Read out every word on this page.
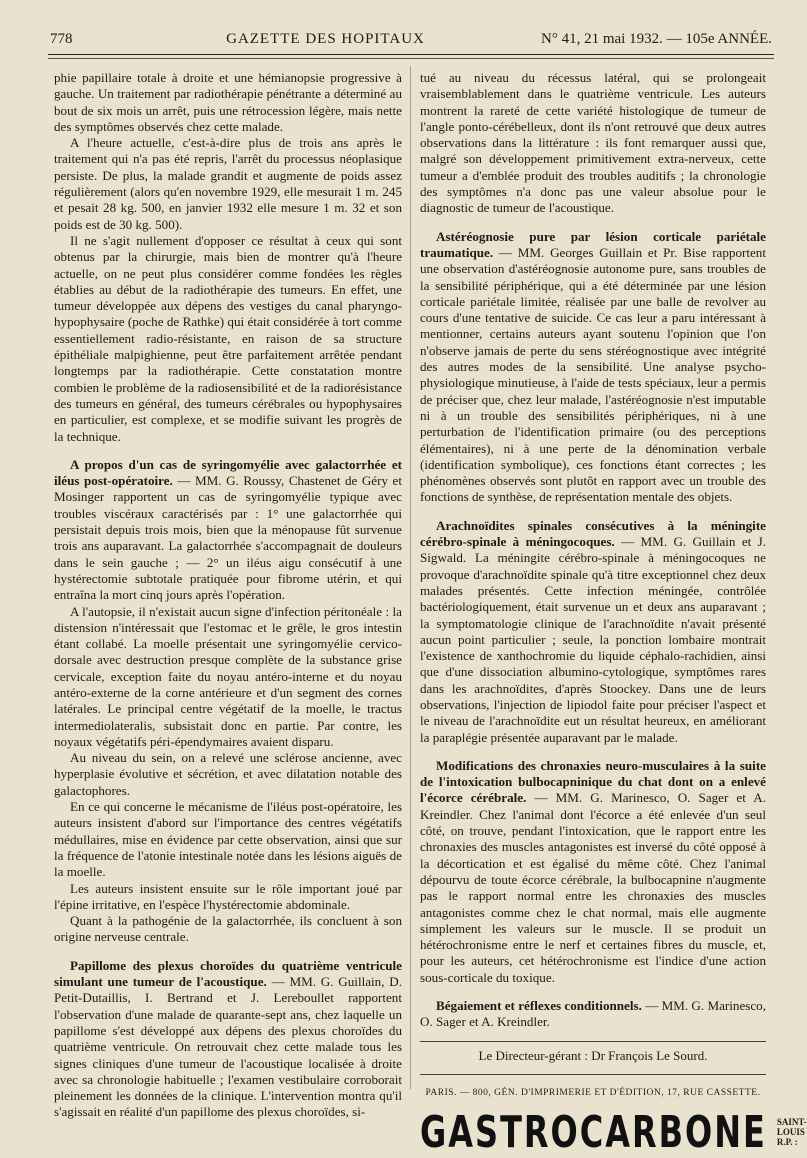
778	GAZETTE DES HOPITAUX	N° 41, 21 mai 1932. — 105e ANNÉE.

phie papillaire totale à droite et une hémianopsie progressive à gauche. Un traitement par radiothérapie pénétrante a déterminé au bout de six mois un arrêt, puis une rétrocession légère, mais nette des symptômes observés chez cette malade.

A l'heure actuelle, c'est-à-dire plus de trois ans après le traitement qui n'a pas été repris, l'arrêt du processus néoplasique persiste. De plus, la malade grandit et augmente de poids assez régulièrement (alors qu'en novembre 1929, elle mesurait 1 m. 245 et pesait 28 kg. 500, en janvier 1932 elle mesure 1 m. 32 et son poids est de 30 kg. 500).

Il ne s'agit nullement d'opposer ce résultat à ceux qui sont obtenus par la chirurgie, mais bien de montrer qu'à l'heure actuelle, on ne peut plus considérer comme fondées les règles établies au début de la radiothérapie des tumeurs. En effet, une tumeur développée aux dépens des vestiges du canal pharyngo-hypophysaire (poche de Rathke) qui était considérée à tort comme essentiellement radio-résistante, en raison de sa structure épithéliale malpighienne, peut être parfaitement arrêtée pendant longtemps par la radiothérapie. Cette constatation montre combien le problème de la radiosensibilité et de la radiorésistance des tumeurs en général, des tumeurs cérébrales ou hypophysaires en particulier, est complexe, et se modifie suivant les progrès de la technique.

A propos d'un cas de syringomyélie avec galactorrhée et iléus post-opératoire. — MM. G. Roussy, Chastenet de Géry et Mosinger rapportent un cas de syringomyélie typique avec troubles viscéraux caractérisés par : 1° une galactorrhée qui persistait depuis trois mois, bien que la ménopause fût survenue trois ans auparavant. La galactorrhée s'accompagnait de douleurs dans le sein gauche ; — 2° un iléus aigu consécutif à une hystérectomie subtotale pratiquée pour fibrome utérin, et qui entraîna la mort cinq jours après l'opération.

A l'autopsie, il n'existait aucun signe d'infection péritonéale : la distension n'intéressait que l'estomac et le grêle, le gros intestin étant collabé. La moelle présentait une syringomyélie cervico-dorsale avec destruction presque complète de la substance grise cervicale, exception faite du noyau antéro-interne et du noyau antéro-externe de la corne antérieure et d'un segment des cornes latérales. Le principal centre végétatif de la moelle, le tractus intermediolateralis, subsistait donc en partie. Par contre, les noyaux végétatifs péri-épendymaires avaient disparu.

Au niveau du sein, on a relevé une sclérose ancienne, avec hyperplasie évolutive et sécrétion, et avec dilatation notable des galactophores.

En ce qui concerne le mécanisme de l'iléus post-opératoire, les auteurs insistent d'abord sur l'importance des centres végétatifs médullaires, mise en évidence par cette observation, ainsi que sur la fréquence de l'atonie intestinale notée dans les lésions aiguës de la moelle.

Les auteurs insistent ensuite sur le rôle important joué par l'épine irritative, en l'espèce l'hystérectomie abdominale.

Quant à la pathogénie de la galactorrhée, ils concluent à son origine nerveuse centrale.

Papillome des plexus choroïdes du quatrième ventricule simulant une tumeur de l'acoustique. — MM. G. Guillain, D. Petit-Dutaillis, I. Bertrand et J. Lereboullet rapportent l'observation d'une malade de quarante-sept ans, chez laquelle un papillome s'est développé aux dépens des plexus choroïdes du quatrième ventricule. On retrouvait chez cette malade tous les signes cliniques d'une tumeur de l'acoustique localisée à droite avec sa chronologie habituelle ; l'examen vestibulaire corroborait pleinement les données de la clinique. L'intervention montra qu'il s'agissait en réalité d'un papillome des plexus choroïdes, si-

tué au niveau du récessus latéral, qui se prolongeait vraisemblablement dans le quatrième ventricule. Les auteurs montrent la rareté de cette variété histologique de tumeur de l'angle ponto-cérébelleux, dont ils n'ont retrouvé que deux autres observations dans la littérature : ils font remarquer aussi que, malgré son développement primitivement extra-nerveux, cette tumeur a d'emblée produit des troubles auditifs ; la chronologie des symptômes n'a donc pas une valeur absolue pour le diagnostic de tumeur de l'acoustique.

Astéréognosie pure par lésion corticale pariétale traumatique. — MM. Georges Guillain et Pr. Bise rapportent une observation d'astéréognosie autonome pure, sans troubles de la sensibilité périphérique, qui a été déterminée par une lésion corticale pariétale limitée, réalisée par une balle de revolver au cours d'une tentative de suicide. Ce cas leur a paru intéressant à mentionner, certains auteurs ayant soutenu l'opinion que l'on n'observe jamais de perte du sens stéréognostique avec intégrité des autres modes de la sensibilité. Une analyse psycho-physiologique minutieuse, à l'aide de tests spéciaux, leur a permis de préciser que, chez leur malade, l'astéréognosie n'est imputable ni à un trouble des sensibilités périphériques, ni à une perturbation de l'identification primaire (ou des perceptions élémentaires), ni à une perte de la dénomination verbale (identification symbolique), ces fonctions étant correctes ; les phénomènes observés sont plutôt en rapport avec un trouble des fonctions de synthèse, de représentation mentale des objets.

Arachnoïdites spinales consécutives à la méningite cérébro-spinale à méningocoques. — MM. G. Guillain et J. Sigwald. La méningite cérébro-spinale à méningocoques ne provoque d'arachnoïdite spinale qu'à titre exceptionnel chez deux malades présentés. Cette infection méningée, contrôlée bactériologiquement, était survenue un et deux ans auparavant ; la symptomatologie clinique de l'arachnoïdite n'avait présenté aucun point particulier ; seule, la ponction lombaire montrait l'existence de xanthochromie du liquide céphalo-rachidien, ainsi que d'une dissociation albumino-cytologique, symptômes rares dans les arachnoïdites, d'après Stoockey. Dans une de leurs observations, l'injection de lipiodol faite pour préciser l'aspect et le niveau de l'arachnoïdite eut un résultat heureux, en améliorant la paraplégie présentée auparavant par le malade.

Modifications des chronaxies neuro-musculaires à la suite de l'intoxication bulbocapninique du chat dont on a enlevé l'écorce cérébrale. — MM. G. Marinesco, O. Sager et A. Kreindler. Chez l'animal dont l'écorce a été enlevée d'un seul côté, on trouve, pendant l'intoxication, que le rapport entre les chronaxies des muscles antagonistes est inversé du côté opposé à la décortication et est égalisé du même côté. Chez l'animal dépourvu de toute écorce cérébrale, la bulbocapnine n'augmente pas le rapport normal entre les chronaxies des muscles antagonistes comme chez le chat normal, mais elle augmente simplement les valeurs sur le muscle. Il se produit un hétérochronisme entre le nerf et certaines fibres du muscle, et, pour les auteurs, cet hétérochronisme est l'indice d'une action sous-corticale du toxique.

Bégaiement et réflexes conditionnels. — MM. G. Marinesco, O. Sager et A. Kreindler.

Le Directeur-gérant : Dr François Le Sourd.
PARIS. — 800, GÉN. D'IMPRIMERIE ET D'ÉDITION, 17, RUE CASSETTE.
GASTROCARBONE SAINT-LOUIS R.P. :
